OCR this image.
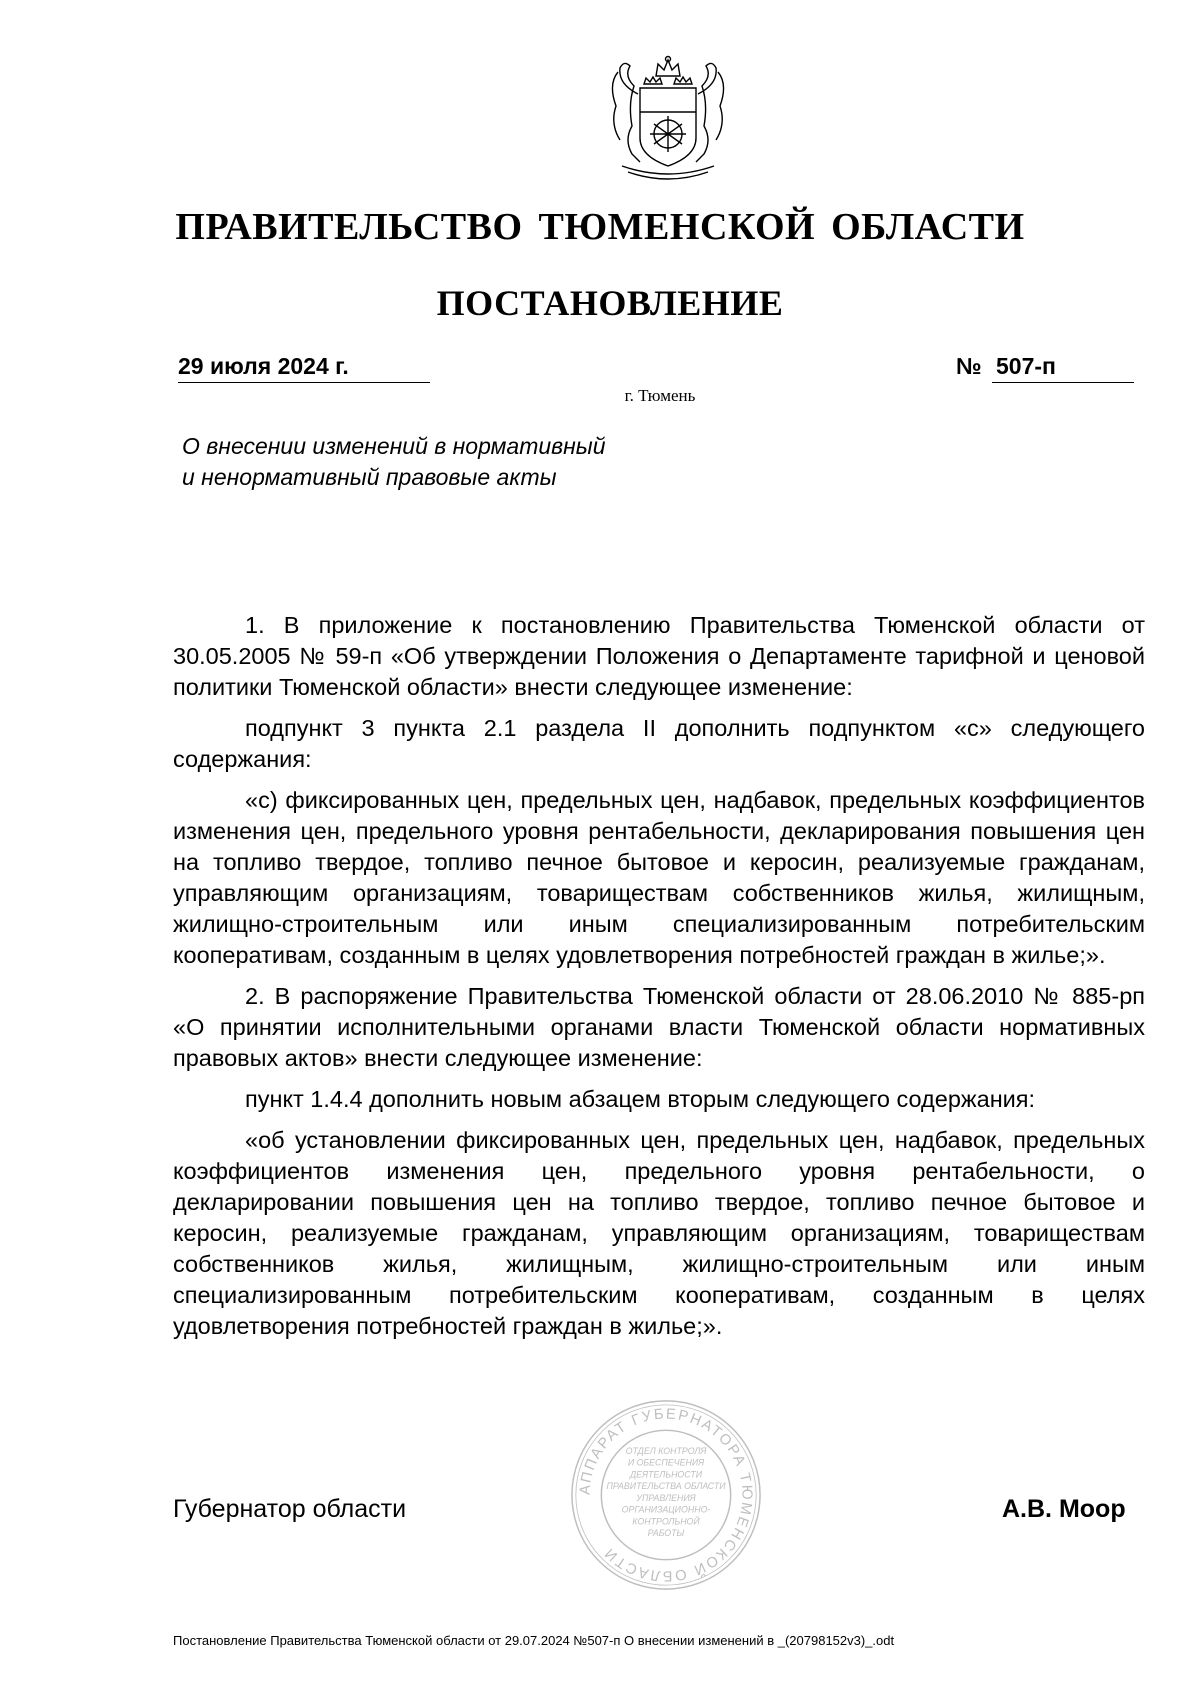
ПРАВИТЕЛЬСТВО ТЮМЕНСКОЙ ОБЛАСТИ
ПОСТАНОВЛЕНИЕ
29 июля 2024 г.	№ 507-п
г. Тюмень
О внесении изменений в нормативный и ненормативный правовые акты

1. В приложение к постановлению Правительства Тюменской области от 30.05.2005 № 59-п «Об утверждении Положения о Департаменте тарифной и ценовой политики Тюменской области» внести следующее изменение:

подпункт 3 пункта 2.1 раздела II дополнить подпунктом «с» следующего содержания:

«с) фиксированных цен, предельных цен, надбавок, предельных коэффициентов изменения цен, предельного уровня рентабельности, декларирования повышения цен на топливо твердое, топливо печное бытовое и керосин, реализуемые гражданам, управляющим организациям, товариществам собственников жилья, жилищным, жилищно-строительным или иным специализированным потребительским кооперативам, созданным в целях удовлетворения потребностей граждан в жилье;».

2. В распоряжение Правительства Тюменской области от 28.06.2010 № 885-рп «О принятии исполнительными органами власти Тюменской области нормативных правовых актов» внести следующее изменение:

пункт 1.4.4 дополнить новым абзацем вторым следующего содержания:

«об установлении фиксированных цен, предельных цен, надбавок, предельных коэффициентов изменения цен, предельного уровня рентабельности, о декларировании повышения цен на топливо твердое, топливо печное бытовое и керосин, реализуемые гражданам, управляющим организациям, товариществам собственников жилья, жилищным, жилищно-строительным или иным специализированным потребительским кооперативам, созданным в целях удовлетворения потребностей граждан в жилье;».

Губернатор области	А.В. Моор
АППАРАТ ГУБЕРНАТОРА ТЮМЕНСКОЙ ОБЛАСТИ
ОТДЕЛ КОНТРОЛЯ
И ОБЕСПЕЧЕНИЯ
ДЕЯТЕЛЬНОСТИ
ПРАВИТЕЛЬСТВА ОБЛАСТИ
УПРАВЛЕНИЯ
ОРГАНИЗАЦИОННО-
КОНТРОЛЬНОЙ
РАБОТЫ
Постановление Правительства Тюменской области от 29.07.2024 №507-п О внесении изменений в _(20798152v3)_.odt
